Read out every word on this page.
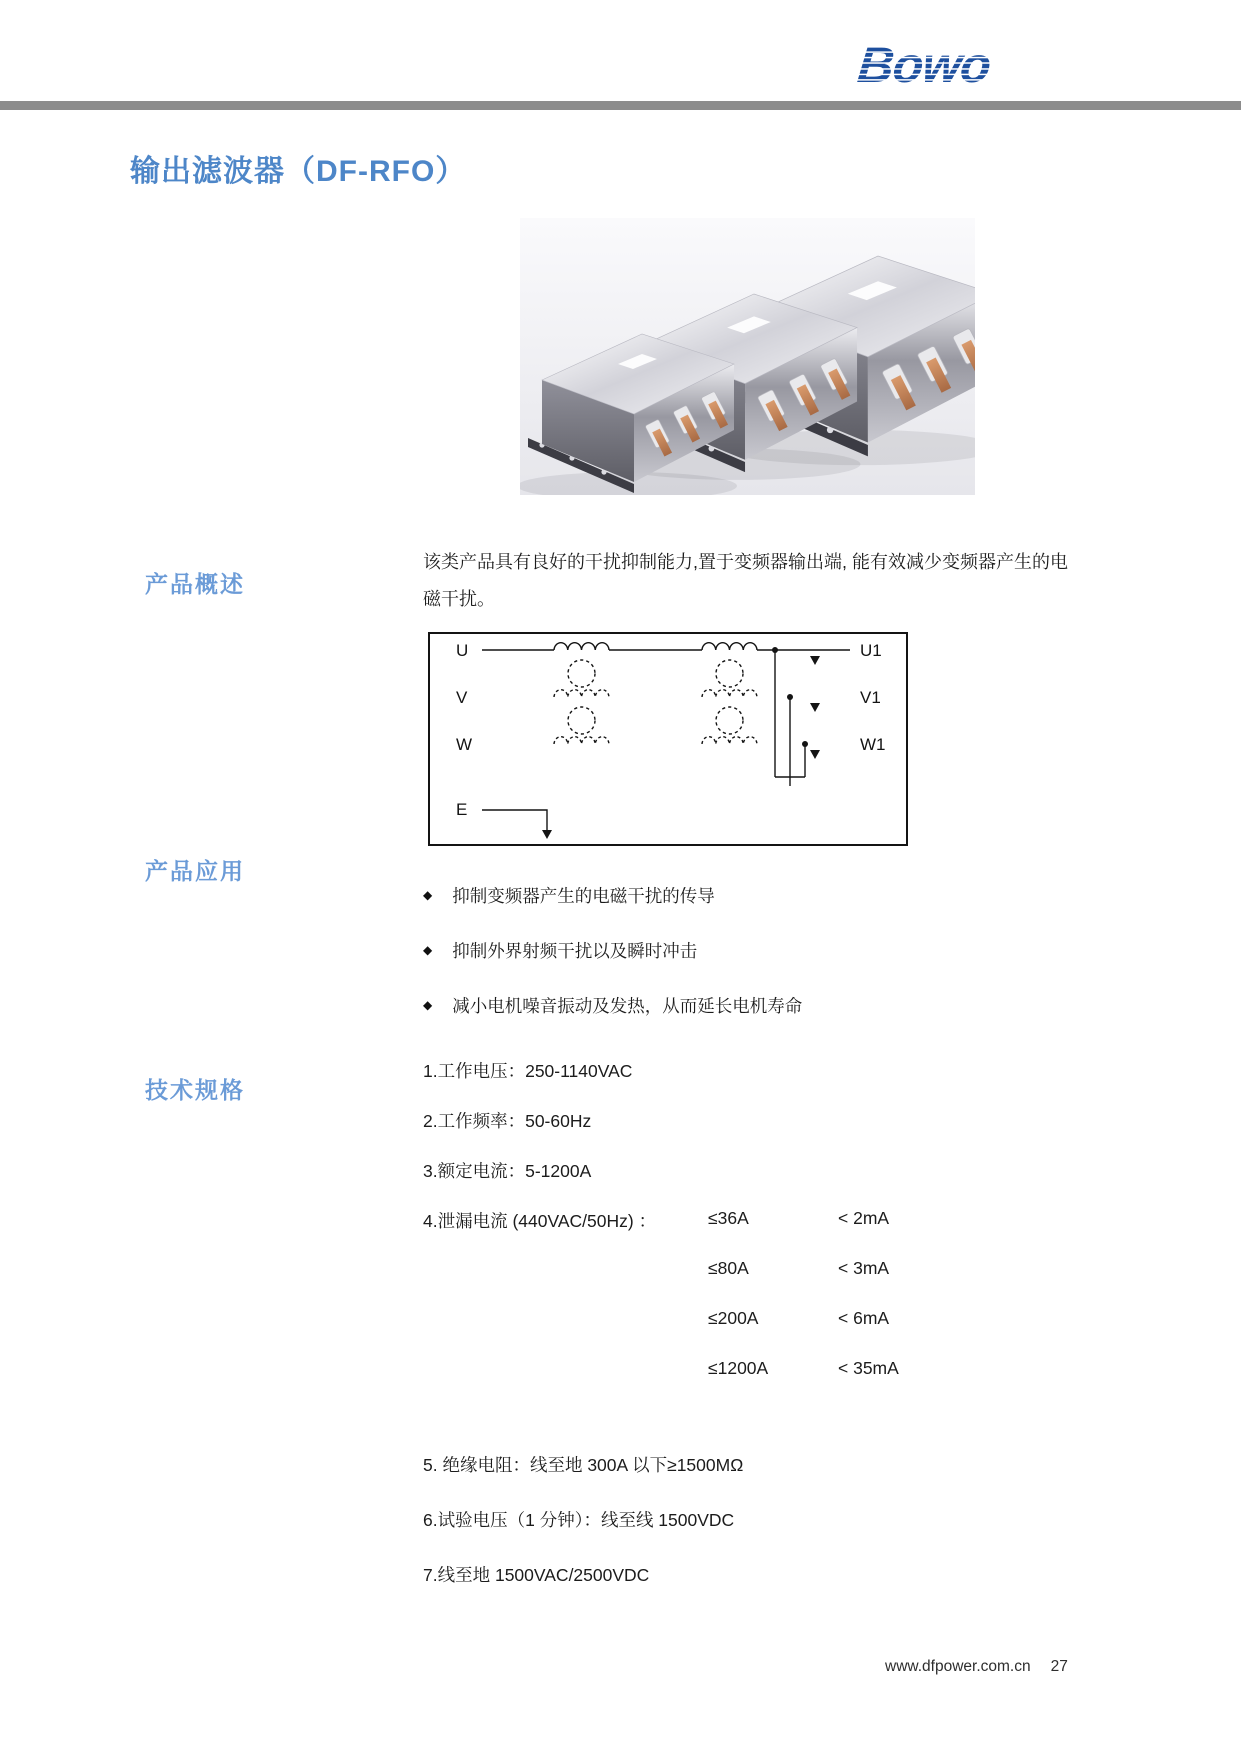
Bowo
输出滤波器（DF-RFO）
产品概述
该类产品具有良好的干扰抑制能力,置于变频器输出端, 能有效减少变频器产生的电磁干扰。
U
V
W
E
U1
V1
W1
产品应用
◆ 抑制变频器产生的电磁干扰的传导
◆ 抑制外界射频干扰以及瞬时冲击
◆ 减小电机噪音振动及发热，从而延长电机寿命
技术规格
1.工作电压：250-1140VAC
2.工作频率：50-60Hz
3.额定电流：5-1200A
4.泄漏电流 (440VAC/50Hz) ：	≤36A	< 2mA
≤80A	< 3mA
≤200A	< 6mA
≤1200A	< 35mA
5. 绝缘电阻：线至地 300A 以下≥1500MΩ
6.试验电压（1 分钟）：线至线 1500VDC
7.线至地 1500VAC/2500VDC
www.dfpower.com.cn 27
